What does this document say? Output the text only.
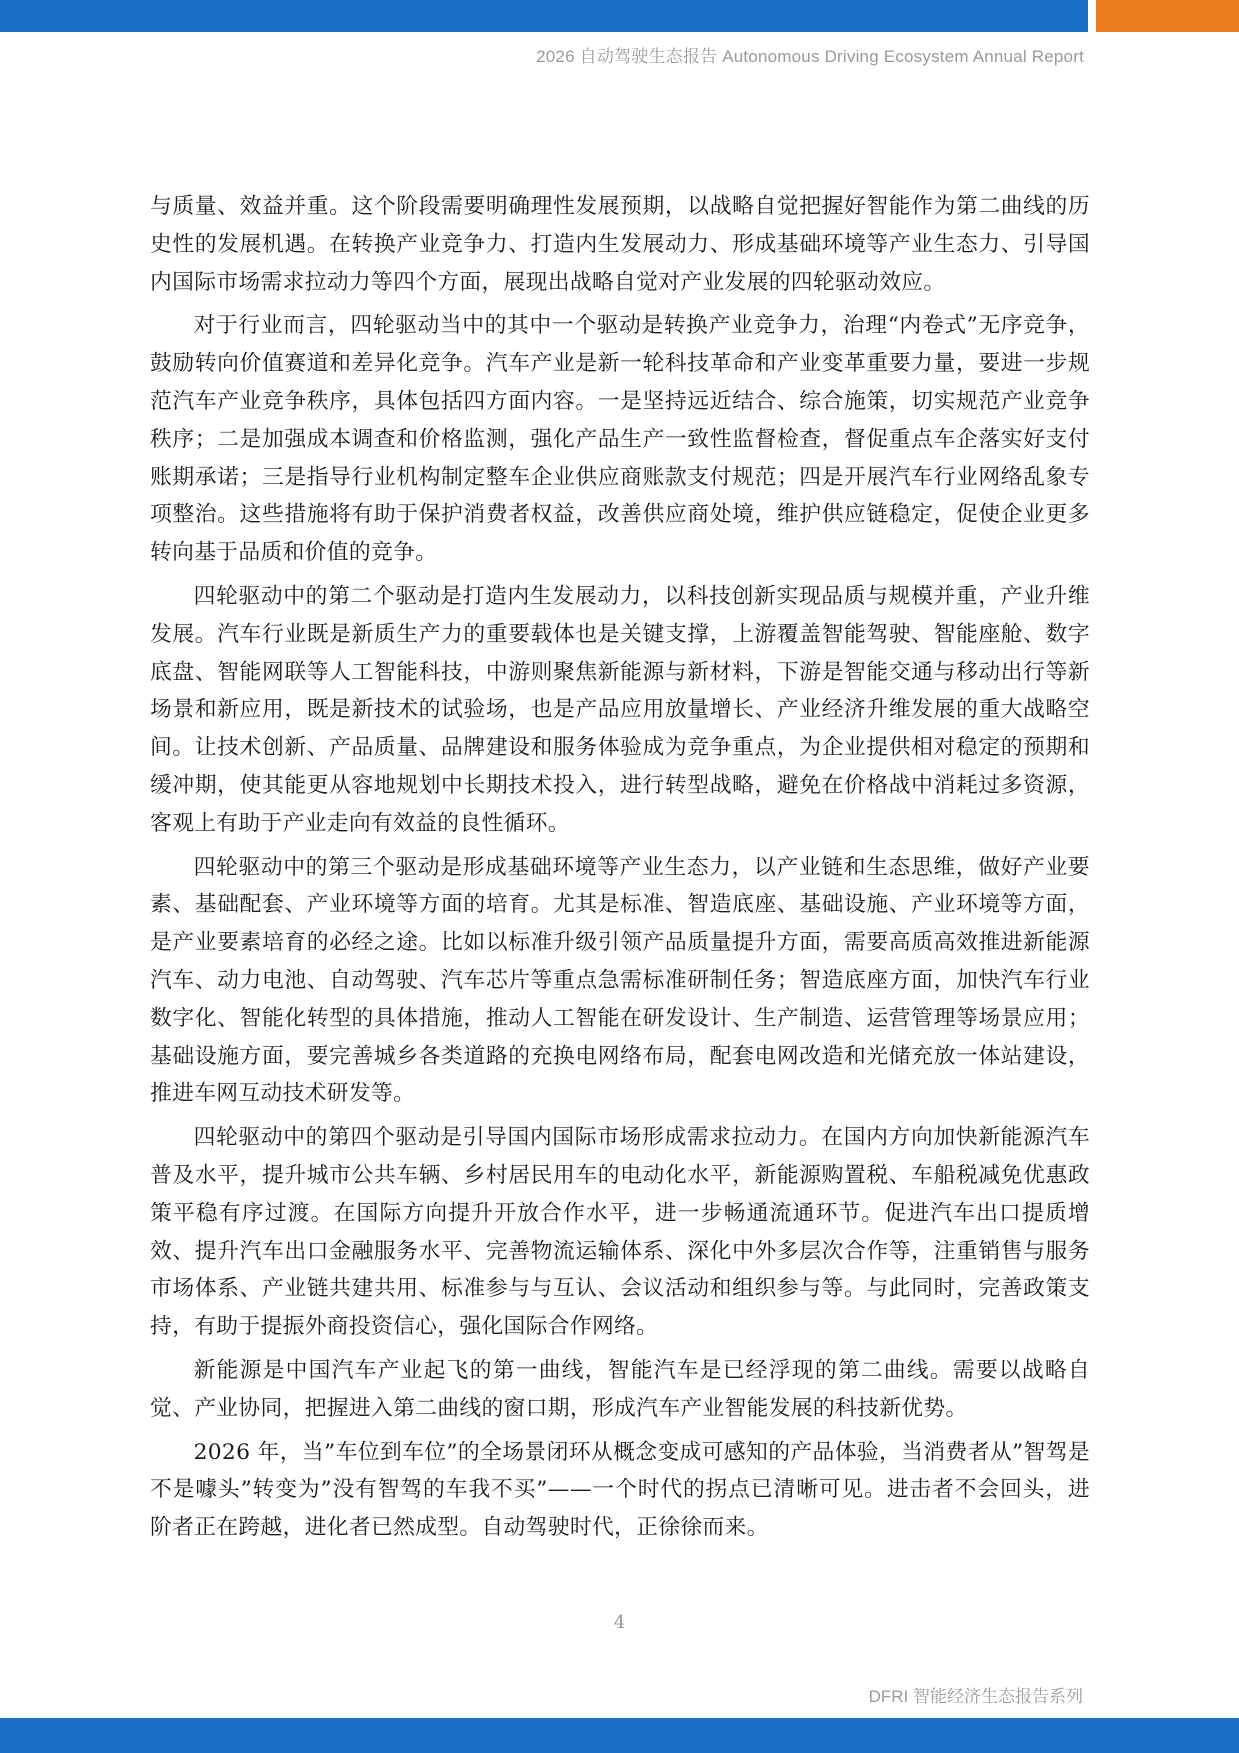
2026 自动驾驶生态报告 Autonomous Driving Ecosystem Annual Report

与质量、效益并重。这个阶段需要明确理性发展预期，以战略自觉把握好智能作为第二曲线的历史性的发展机遇。在转换产业竞争力、打造内生发展动力、形成基础环境等产业生态力、引导国内国际市场需求拉动力等四个方面，展现出战略自觉对产业发展的四轮驱动效应。

对于行业而言，四轮驱动当中的其中一个驱动是转换产业竞争力，治理“内卷式”无序竞争，鼓励转向价值赛道和差异化竞争。汽车产业是新一轮科技革命和产业变革重要力量，要进一步规范汽车产业竞争秩序，具体包括四方面内容。一是坚持远近结合、综合施策，切实规范产业竞争秩序；二是加强成本调查和价格监测，强化产品生产一致性监督检查，督促重点车企落实好支付账期承诺；三是指导行业机构制定整车企业供应商账款支付规范；四是开展汽车行业网络乱象专项整治。这些措施将有助于保护消费者权益，改善供应商处境，维护供应链稳定，促使企业更多转向基于品质和价值的竞争。

四轮驱动中的第二个驱动是打造内生发展动力，以科技创新实现品质与规模并重，产业升维发展。汽车行业既是新质生产力的重要载体也是关键支撑，上游覆盖智能驾驶、智能座舱、数字底盘、智能网联等人工智能科技，中游则聚焦新能源与新材料，下游是智能交通与移动出行等新场景和新应用，既是新技术的试验场，也是产品应用放量增长、产业经济升维发展的重大战略空间。让技术创新、产品质量、品牌建设和服务体验成为竞争重点，为企业提供相对稳定的预期和缓冲期，使其能更从容地规划中长期技术投入，进行转型战略，避免在价格战中消耗过多资源，客观上有助于产业走向有效益的良性循环。

四轮驱动中的第三个驱动是形成基础环境等产业生态力，以产业链和生态思维，做好产业要素、基础配套、产业环境等方面的培育。尤其是标准、智造底座、基础设施、产业环境等方面，是产业要素培育的必经之途。比如以标准升级引领产品质量提升方面，需要高质高效推进新能源汽车、动力电池、自动驾驶、汽车芯片等重点急需标准研制任务；智造底座方面，加快汽车行业数字化、智能化转型的具体措施，推动人工智能在研发设计、生产制造、运营管理等场景应用；基础设施方面，要完善城乡各类道路的充换电网络布局，配套电网改造和光储充放一体站建设，推进车网互动技术研发等。

四轮驱动中的第四个驱动是引导国内国际市场形成需求拉动力。在国内方向加快新能源汽车普及水平，提升城市公共车辆、乡村居民用车的电动化水平，新能源购置税、车船税减免优惠政策平稳有序过渡。在国际方向提升开放合作水平，进一步畅通流通环节。促进汽车出口提质增效、提升汽车出口金融服务水平、完善物流运输体系、深化中外多层次合作等，注重销售与服务市场体系、产业链共建共用、标准参与与互认、会议活动和组织参与等。与此同时，完善政策支持，有助于提振外商投资信心，强化国际合作网络。

新能源是中国汽车产业起飞的第一曲线，智能汽车是已经浮现的第二曲线。需要以战略自觉、产业协同，把握进入第二曲线的窗口期，形成汽车产业智能发展的科技新优势。

2026 年，当”车位到车位”的全场景闭环从概念变成可感知的产品体验，当消费者从”智驾是不是噱头”转变为”没有智驾的车我不买”——一个时代的拐点已清晰可见。进击者不会回头，进阶者正在跨越，进化者已然成型。自动驾驶时代，正徐徐而来。

4
DFRI 智能经济生态报告系列
